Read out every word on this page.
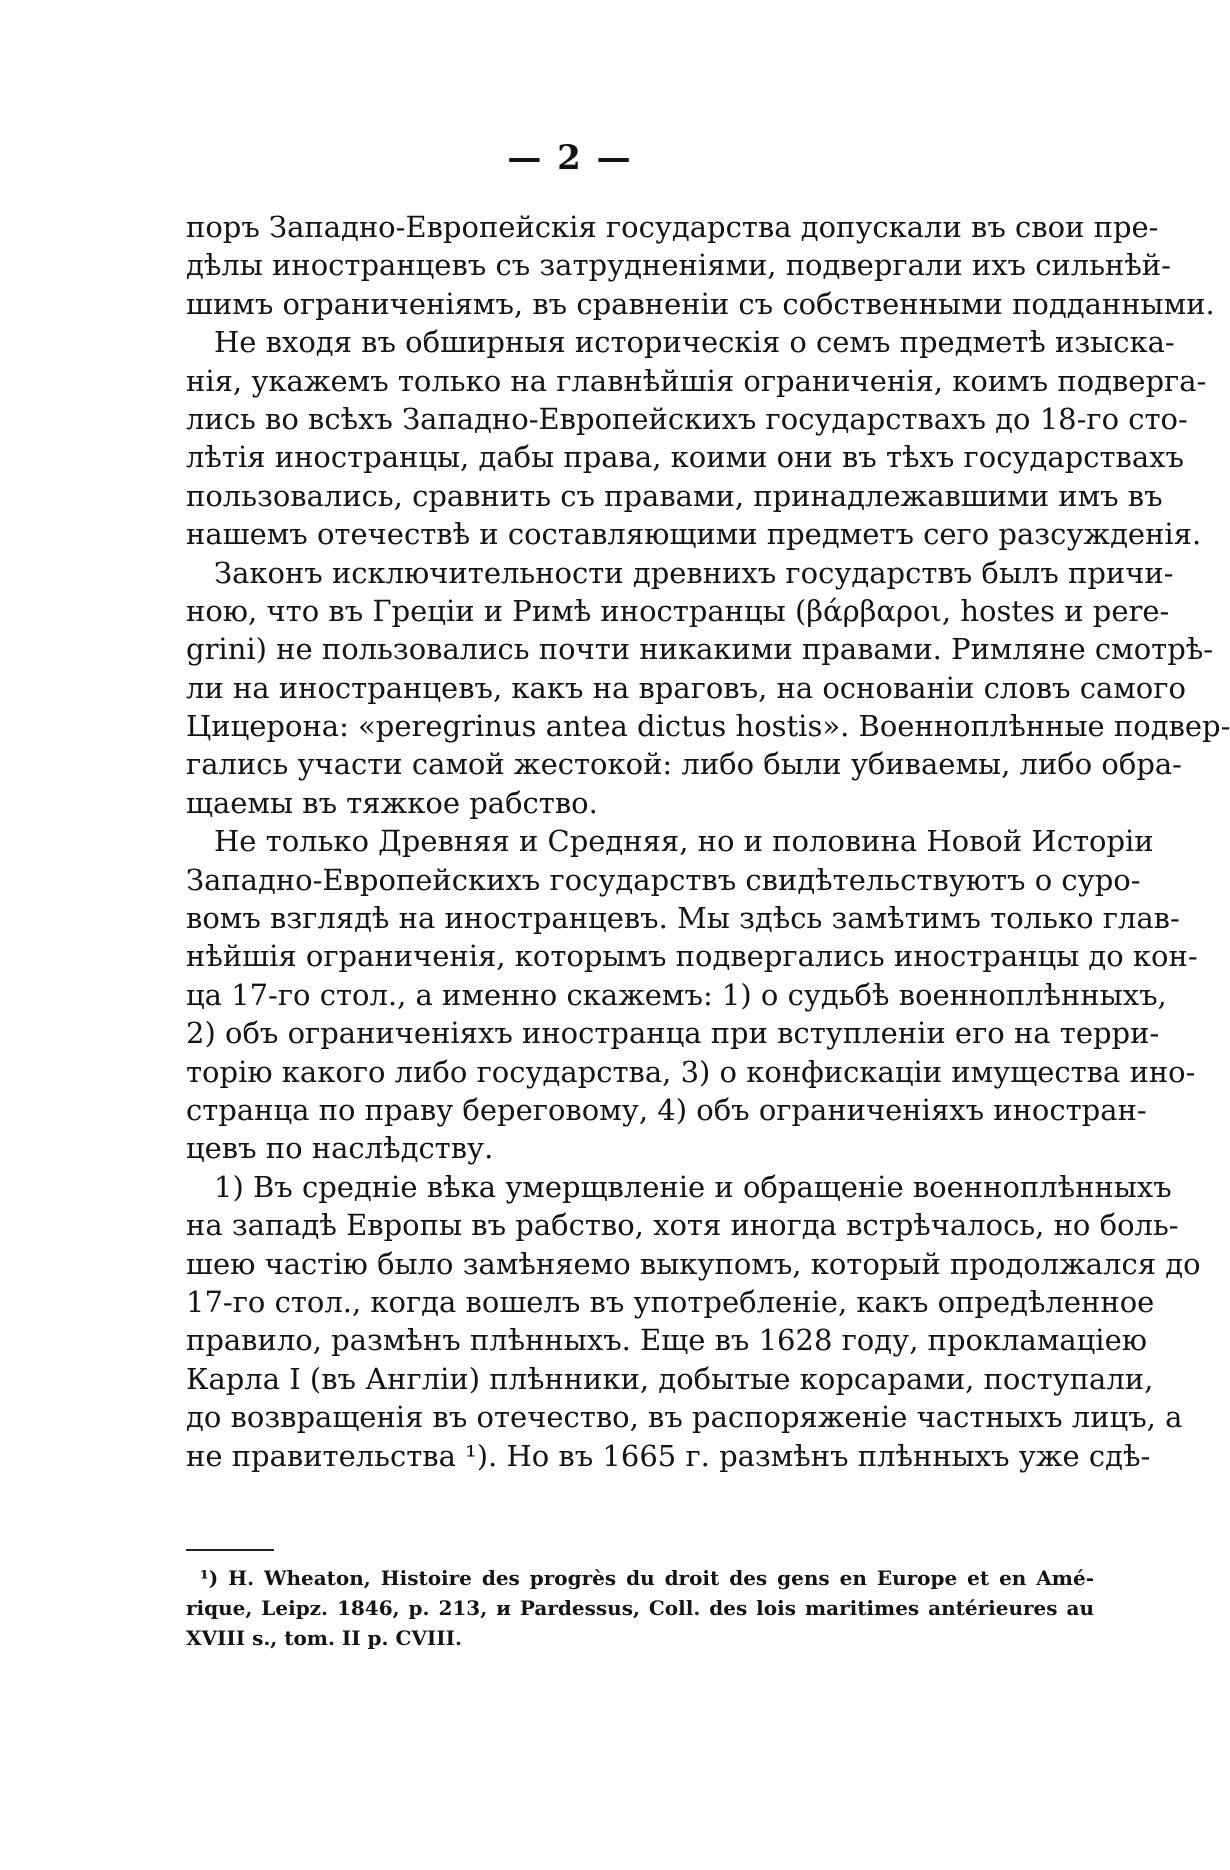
— 2 —
поръ Западно-Европейскія государства допускали въ свои пре-
дѣлы иностранцевъ съ затрудненіями, подвергали ихъ сильнѣй-
шимъ ограниченіямъ, въ сравненіи съ собственными подданными.
Не входя въ обширныя историческія о семъ предметѣ изыска-
нія, укажемъ только на главнѣйшія ограниченія, коимъ подверга-
лись во всѣхъ Западно-Европейскихъ государствахъ до 18-го сто-
лѣтія иностранцы, дабы права, коими они въ тѣхъ государствахъ
пользовались, сравнить съ правами, принадлежавшими имъ въ
нашемъ отечествѣ и составляющими предметъ сего разсужденія.
Законъ исключительности древнихъ государствъ былъ причи-
ною, что въ Греціи и Римѣ иностранцы (βάρβαροι, hostes и pere-
grini) не пользовались почти никакими правами. Римляне смотрѣ-
ли на иностранцевъ, какъ на враговъ, на основаніи словъ самого
Цицерона: «peregrinus antea dictus hostis». Военноплѣнные подвер-
гались участи самой жестокой: либо были убиваемы, либо обра-
щаемы въ тяжкое рабство.
Не только Древняя и Средняя, но и половина Новой Исторіи
Западно-Европейскихъ государствъ свидѣтельствуютъ о суро-
вомъ взглядѣ на иностранцевъ. Мы здѣсь замѣтимъ только глав-
нѣйшія ограниченія, которымъ подвергались иностранцы до кон-
ца 17-го стол., а именно скажемъ: 1) о судьбѣ военноплѣнныхъ,
2) объ ограниченіяхъ иностранца при вступленіи его на терри-
торію какого либо государства, 3) о конфискаціи имущества ино-
странца по праву береговому, 4) объ ограниченіяхъ иностран-
цевъ по наслѣдству.
1) Въ средніе вѣка умерщвленіе и обращеніе военноплѣнныхъ
на западѣ Европы въ рабство, хотя иногда встрѣчалось, но боль-
шею частію было замѣняемо выкупомъ, который продолжался до
17-го стол., когда вошелъ въ употребленіе, какъ опредѣленное
правило, размѣнъ плѣнныхъ. Еще въ 1628 году, прокламаціею
Карла I (въ Англіи) плѣнники, добытые корсарами, поступали,
до возвращенія въ отечество, въ распоряженіе частныхъ лицъ, а
не правительства ¹). Но въ 1665 г. размѣнъ плѣнныхъ уже сдѣ-
¹) H. Wheaton, Histoire des progrès du droit des gens en Europe et en Amé-
rique, Leipz. 1846, p. 213, и Pardessus, Coll. des lois maritimes antérieures au
XVIII s., tom. II p. CVIII.
